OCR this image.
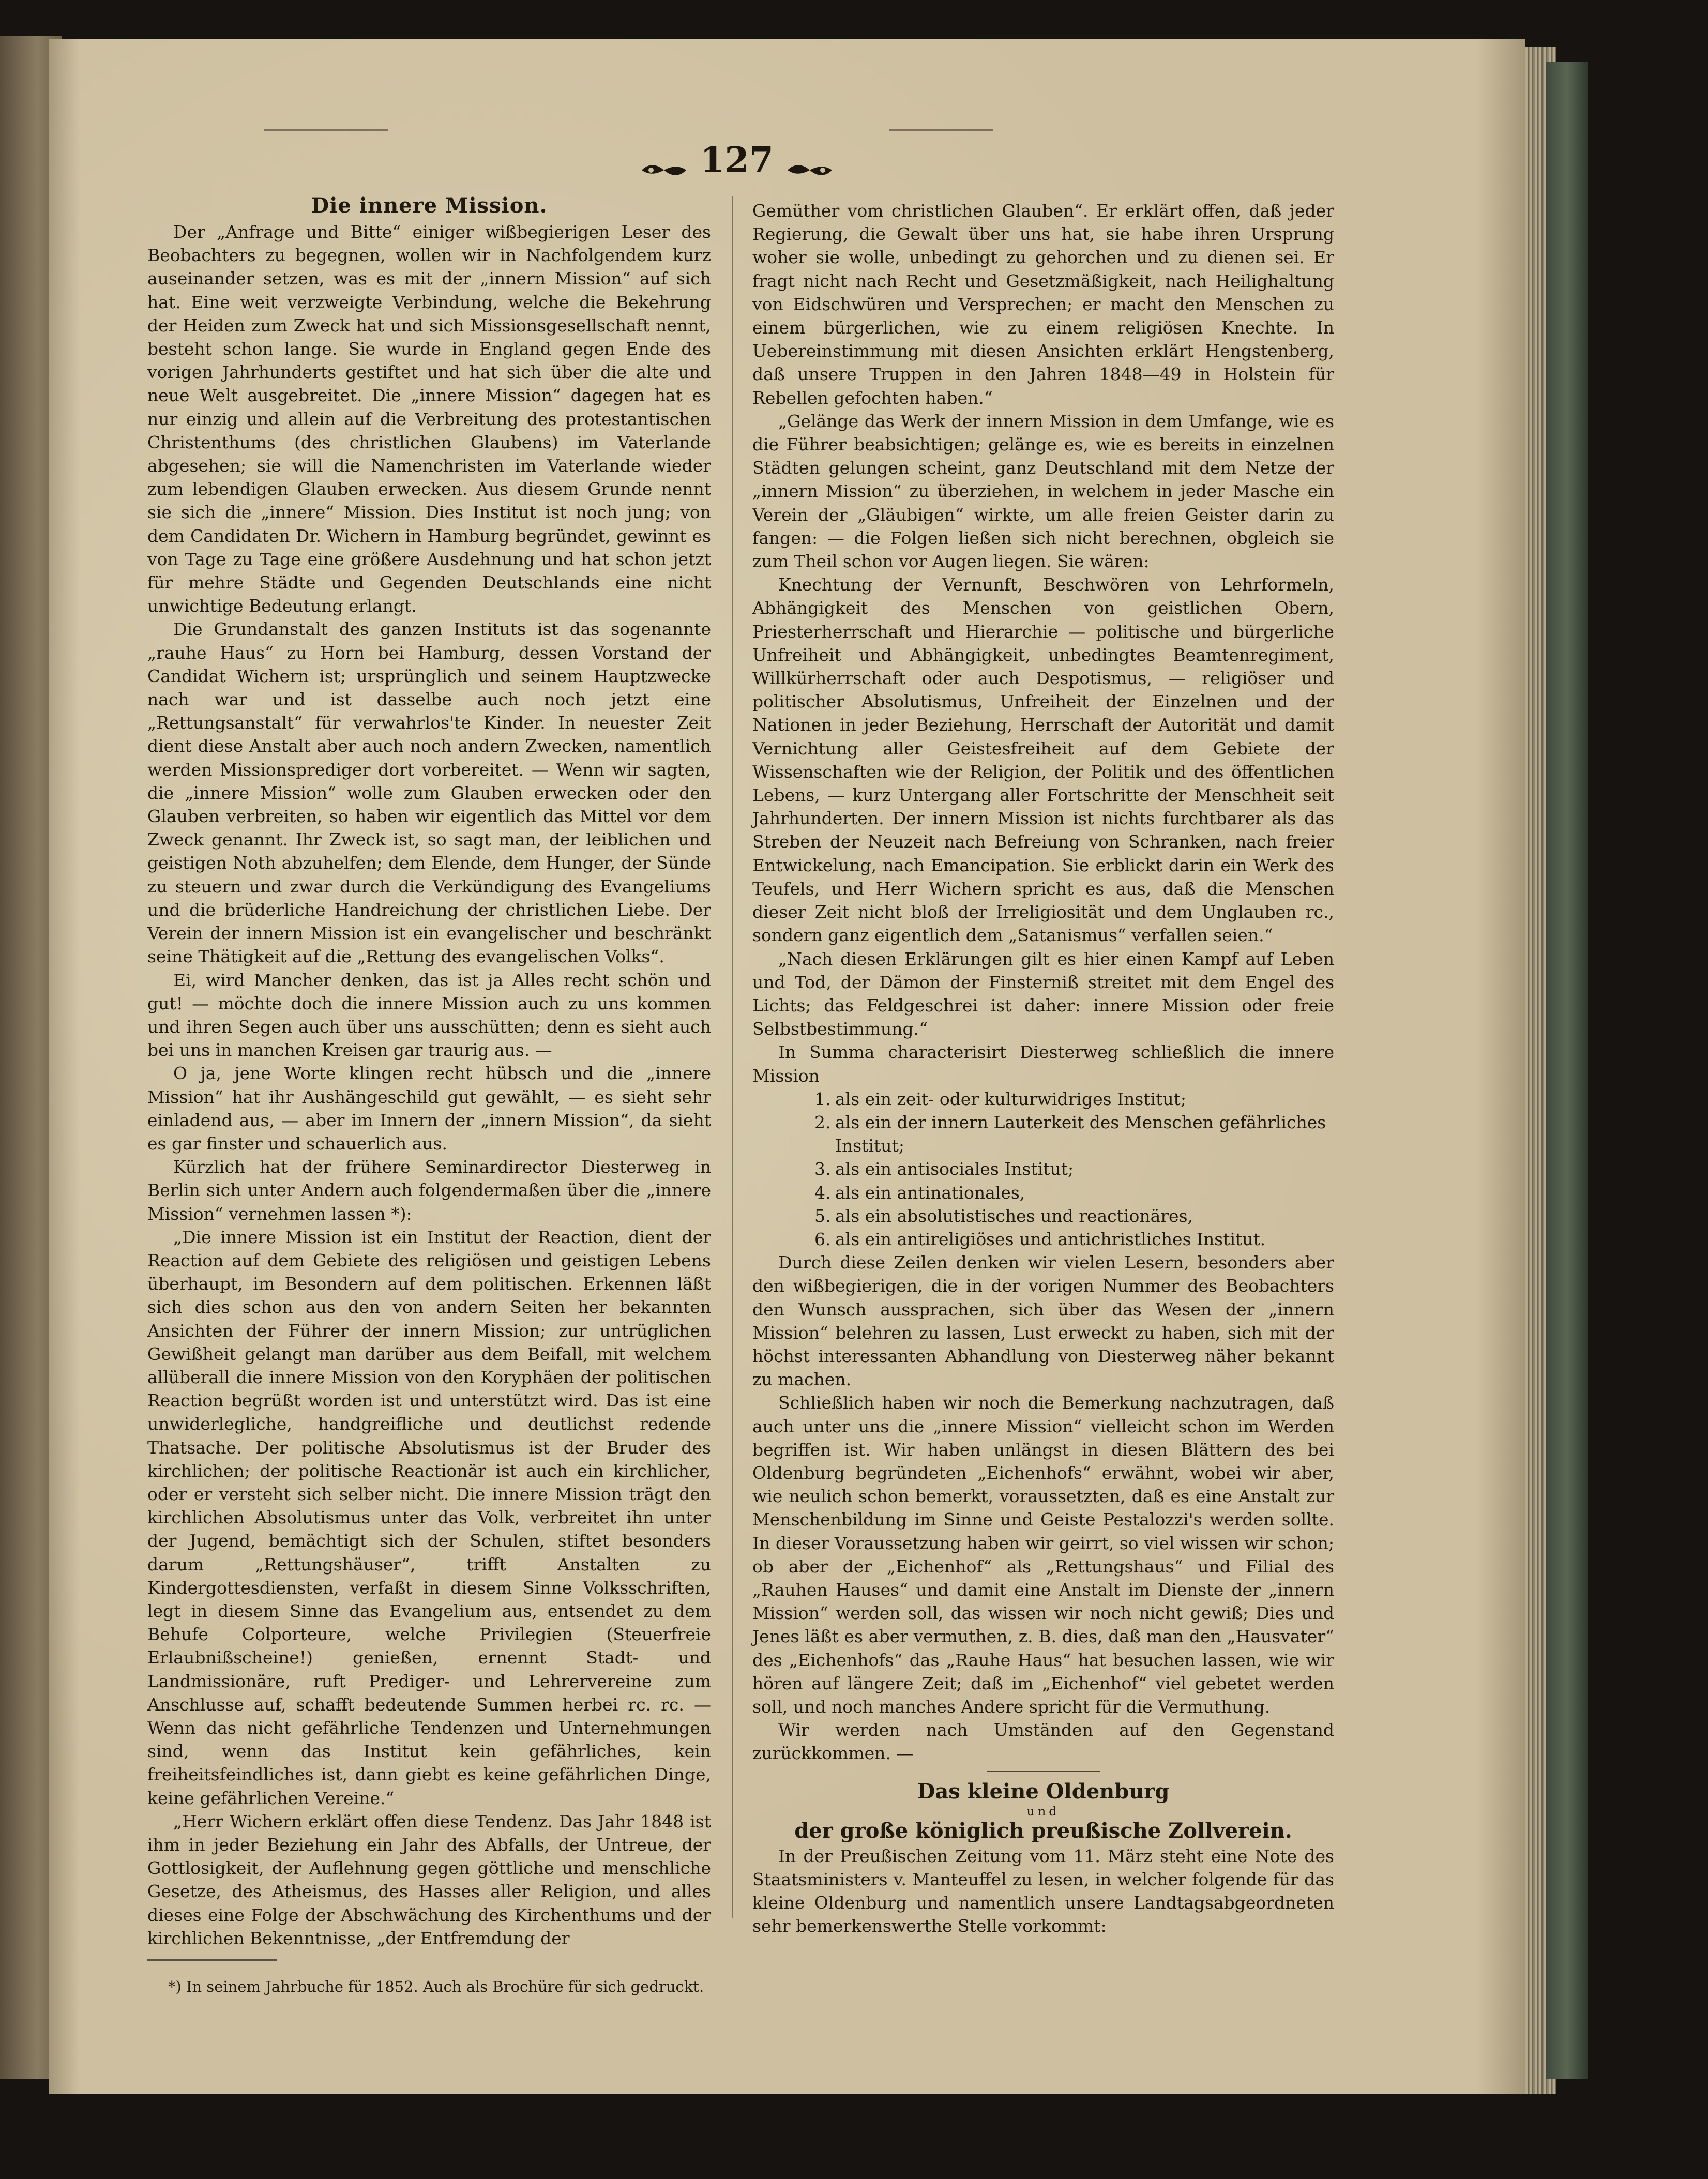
127
Die innere Mission.

Der „Anfrage und Bitte“ einiger wißbegierigen Leser des Beobachters zu begegnen, wollen wir in Nachfolgendem kurz auseinander setzen, was es mit der „innern Mission“ auf sich hat. Eine weit verzweigte Verbindung, welche die Bekehrung der Heiden zum Zweck hat und sich Missionsgesellschaft nennt, besteht schon lange. Sie wurde in England gegen Ende des vorigen Jahrhunderts gestiftet und hat sich über die alte und neue Welt ausgebreitet. Die „innere Mission“ dagegen hat es nur einzig und allein auf die Verbreitung des protestantischen Christenthums (des christlichen Glaubens) im Vaterlande abgesehen; sie will die Namenchristen im Vaterlande wieder zum lebendigen Glauben erwecken. Aus diesem Grunde nennt sie sich die „innere“ Mission. Dies Institut ist noch jung; von dem Candidaten Dr. Wichern in Hamburg begründet, gewinnt es von Tage zu Tage eine größere Ausdehnung und hat schon jetzt für mehre Städte und Gegenden Deutschlands eine nicht unwichtige Bedeutung erlangt.

Die Grundanstalt des ganzen Instituts ist das sogenannte „rauhe Haus“ zu Horn bei Hamburg, dessen Vorstand der Candidat Wichern ist; ursprünglich und seinem Hauptzwecke nach war und ist dasselbe auch noch jetzt eine „Rettungsanstalt“ für verwahrlos'te Kinder. In neuester Zeit dient diese Anstalt aber auch noch andern Zwecken, namentlich werden Missionsprediger dort vorbereitet. — Wenn wir sagten, die „innere Mission“ wolle zum Glauben erwecken oder den Glauben verbreiten, so haben wir eigentlich das Mittel vor dem Zweck genannt. Ihr Zweck ist, so sagt man, der leiblichen und geistigen Noth abzuhelfen; dem Elende, dem Hunger, der Sünde zu steuern und zwar durch die Verkündigung des Evangeliums und die brüderliche Handreichung der christlichen Liebe. Der Verein der innern Mission ist ein evangelischer und beschränkt seine Thätigkeit auf die „Rettung des evangelischen Volks“.

Ei, wird Mancher denken, das ist ja Alles recht schön und gut! — möchte doch die innere Mission auch zu uns kommen und ihren Segen auch über uns ausschütten; denn es sieht auch bei uns in manchen Kreisen gar traurig aus. —

O ja, jene Worte klingen recht hübsch und die „innere Mission“ hat ihr Aushängeschild gut gewählt, — es sieht sehr einladend aus, — aber im Innern der „innern Mission“, da sieht es gar finster und schauerlich aus.

Kürzlich hat der frühere Seminardirector Diesterweg in Berlin sich unter Andern auch folgendermaßen über die „innere Mission“ vernehmen lassen *):

„Die innere Mission ist ein Institut der Reaction, dient der Reaction auf dem Gebiete des religiösen und geistigen Lebens überhaupt, im Besondern auf dem politischen. Erkennen läßt sich dies schon aus den von andern Seiten her bekannten Ansichten der Führer der innern Mission; zur untrüglichen Gewißheit gelangt man darüber aus dem Beifall, mit welchem allüberall die innere Mission von den Koryphäen der politischen Reaction begrüßt worden ist und unterstützt wird. Das ist eine unwiderlegliche, handgreifliche und deutlichst redende Thatsache. Der politische Absolutismus ist der Bruder des kirchlichen; der politische Reactionär ist auch ein kirchlicher, oder er versteht sich selber nicht. Die innere Mission trägt den kirchlichen Absolutismus unter das Volk, verbreitet ihn unter der Jugend, bemächtigt sich der Schulen, stiftet besonders darum „Rettungshäuser“, trifft Anstalten zu Kindergottesdiensten, verfaßt in diesem Sinne Volksschriften, legt in diesem Sinne das Evangelium aus, entsendet zu dem Behufe Colporteure, welche Privilegien (Steuerfreie Erlaubnißscheine!) genießen, ernennt Stadt- und Landmissionäre, ruft Prediger- und Lehrervereine zum Anschlusse auf, schafft bedeutende Summen herbei rc. rc. — Wenn das nicht gefährliche Tendenzen und Unternehmungen sind, wenn das Institut kein gefährliches, kein freiheitsfeindliches ist, dann giebt es keine gefährlichen Dinge, keine gefährlichen Vereine.“

„Herr Wichern erklärt offen diese Tendenz. Das Jahr 1848 ist ihm in jeder Beziehung ein Jahr des Abfalls, der Untreue, der Gottlosigkeit, der Auflehnung gegen göttliche und menschliche Gesetze, des Atheismus, des Hasses aller Religion, und alles dieses eine Folge der Abschwächung des Kirchenthums und der kirchlichen Bekenntnisse, „der Entfremdung der

*) In seinem Jahrbuche für 1852. Auch als Brochüre für sich gedruckt.

Gemüther vom christlichen Glauben“. Er erklärt offen, daß jeder Regierung, die Gewalt über uns hat, sie habe ihren Ursprung woher sie wolle, unbedingt zu gehorchen und zu dienen sei. Er fragt nicht nach Recht und Gesetzmäßigkeit, nach Heilighaltung von Eidschwüren und Versprechen; er macht den Menschen zu einem bürgerlichen, wie zu einem religiösen Knechte. In Uebereinstimmung mit diesen Ansichten erklärt Hengstenberg, daß unsere Truppen in den Jahren 1848—49 in Holstein für Rebellen gefochten haben.“

„Gelänge das Werk der innern Mission in dem Umfange, wie es die Führer beabsichtigen; gelänge es, wie es bereits in einzelnen Städten gelungen scheint, ganz Deutschland mit dem Netze der „innern Mission“ zu überziehen, in welchem in jeder Masche ein Verein der „Gläubigen“ wirkte, um alle freien Geister darin zu fangen: — die Folgen ließen sich nicht berechnen, obgleich sie zum Theil schon vor Augen liegen. Sie wären:

Knechtung der Vernunft, Beschwören von Lehrformeln, Abhängigkeit des Menschen von geistlichen Obern, Priesterherrschaft und Hierarchie — politische und bürgerliche Unfreiheit und Abhängigkeit, unbedingtes Beamtenregiment, Willkürherrschaft oder auch Despotismus, — religiöser und politischer Absolutismus, Unfreiheit der Einzelnen und der Nationen in jeder Beziehung, Herrschaft der Autorität und damit Vernichtung aller Geistesfreiheit auf dem Gebiete der Wissenschaften wie der Religion, der Politik und des öffentlichen Lebens, — kurz Untergang aller Fortschritte der Menschheit seit Jahrhunderten. Der innern Mission ist nichts furchtbarer als das Streben der Neuzeit nach Befreiung von Schranken, nach freier Entwickelung, nach Emancipation. Sie erblickt darin ein Werk des Teufels, und Herr Wichern spricht es aus, daß die Menschen dieser Zeit nicht bloß der Irreligiosität und dem Unglauben rc., sondern ganz eigentlich dem „Satanismus“ verfallen seien.“

„Nach diesen Erklärungen gilt es hier einen Kampf auf Leben und Tod, der Dämon der Finsterniß streitet mit dem Engel des Lichts; das Feldgeschrei ist daher: innere Mission oder freie Selbstbestimmung.“

In Summa characterisirt Diesterweg schließlich die innere Mission

1. als ein zeit- oder kulturwidriges Institut;
2. als ein der innern Lauterkeit des Menschen gefährliches Institut;
3. als ein antisociales Institut;
4. als ein antinationales,
5. als ein absolutistisches und reactionäres,
6. als ein antireligiöses und antichristliches Institut.

Durch diese Zeilen denken wir vielen Lesern, besonders aber den wißbegierigen, die in der vorigen Nummer des Beobachters den Wunsch aussprachen, sich über das Wesen der „innern Mission“ belehren zu lassen, Lust erweckt zu haben, sich mit der höchst interessanten Abhandlung von Diesterweg näher bekannt zu machen.

Schließlich haben wir noch die Bemerkung nachzutragen, daß auch unter uns die „innere Mission“ vielleicht schon im Werden begriffen ist. Wir haben unlängst in diesen Blättern des bei Oldenburg begründeten „Eichenhofs“ erwähnt, wobei wir aber, wie neulich schon bemerkt, voraussetzten, daß es eine Anstalt zur Menschenbildung im Sinne und Geiste Pestalozzi's werden sollte. In dieser Voraussetzung haben wir geirrt, so viel wissen wir schon; ob aber der „Eichenhof“ als „Rettungshaus“ und Filial des „Rauhen Hauses“ und damit eine Anstalt im Dienste der „innern Mission“ werden soll, das wissen wir noch nicht gewiß; Dies und Jenes läßt es aber vermuthen, z. B. dies, daß man den „Hausvater“ des „Eichenhofs“ das „Rauhe Haus“ hat besuchen lassen, wie wir hören auf längere Zeit; daß im „Eichenhof“ viel gebetet werden soll, und noch manches Andere spricht für die Vermuthung.

Wir werden nach Umständen auf den Gegenstand zurückkommen. —

Das kleine Oldenburg

und

der große königlich preußische Zollverein.

In der Preußischen Zeitung vom 11. März steht eine Note des Staatsministers v. Manteuffel zu lesen, in welcher folgende für das kleine Oldenburg und namentlich unsere Landtagsabgeordneten sehr bemerkenswerthe Stelle vorkommt:
